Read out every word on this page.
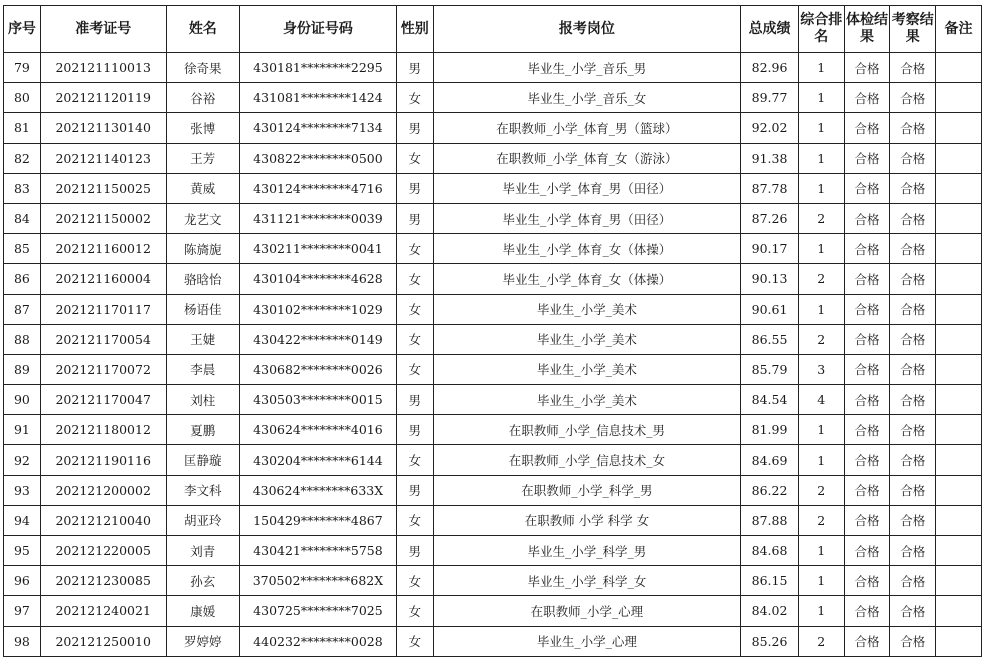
序号	准考证号	姓名	身份证号码	性别	报考岗位	总成绩	综合排名	体检结果	考察结果	备注
79	202121110013	徐奇果	430181********2295	男	毕业生_小学_音乐_男	82.96	1	合格	合格	
80	202121120119	谷裕	431081********1424	女	毕业生_小学_音乐_女	89.77	1	合格	合格	
81	202121130140	张博	430124********7134	男	在职教师_小学_体育_男（篮球）	92.02	1	合格	合格	
82	202121140123	王芳	430822********0500	女	在职教师_小学_体育_女（游泳）	91.38	1	合格	合格	
83	202121150025	黄威	430124********4716	男	毕业生_小学_体育_男（田径）	87.78	1	合格	合格	
84	202121150002	龙艺文	431121********0039	男	毕业生_小学_体育_男（田径）	87.26	2	合格	合格	
85	202121160012	陈旖旎	430211********0041	女	毕业生_小学_体育_女（体操）	90.17	1	合格	合格	
86	202121160004	骆晗怡	430104********4628	女	毕业生_小学_体育_女（体操）	90.13	2	合格	合格	
87	202121170117	杨语佳	430102********1029	女	毕业生_小学_美术	90.61	1	合格	合格	
88	202121170054	王婕	430422********0149	女	毕业生_小学_美术	86.55	2	合格	合格	
89	202121170072	李晨	430682********0026	女	毕业生_小学_美术	85.79	3	合格	合格	
90	202121170047	刘柱	430503********0015	男	毕业生_小学_美术	84.54	4	合格	合格	
91	202121180012	夏鹏	430624********4016	男	在职教师_小学_信息技术_男	81.99	1	合格	合格	
92	202121190116	匡静璇	430204********6144	女	在职教师_小学_信息技术_女	84.69	1	合格	合格	
93	202121200002	李文科	430624********633X	男	在职教师_小学_科学_男	86.22	2	合格	合格	
94	202121210040	胡亚玲	150429********4867	女	在职教师 小学 科学 女	87.88	2	合格	合格	
95	202121220005	刘青	430421********5758	男	毕业生_小学_科学_男	84.68	1	合格	合格	
96	202121230085	孙玄	370502********682X	女	毕业生_小学_科学_女	86.15	1	合格	合格	
97	202121240021	康媛	430725********7025	女	在职教师_小学_心理	84.02	1	合格	合格	
98	202121250010	罗婷婷	440232********0028	女	毕业生_小学_心理	85.26	2	合格	合格	
